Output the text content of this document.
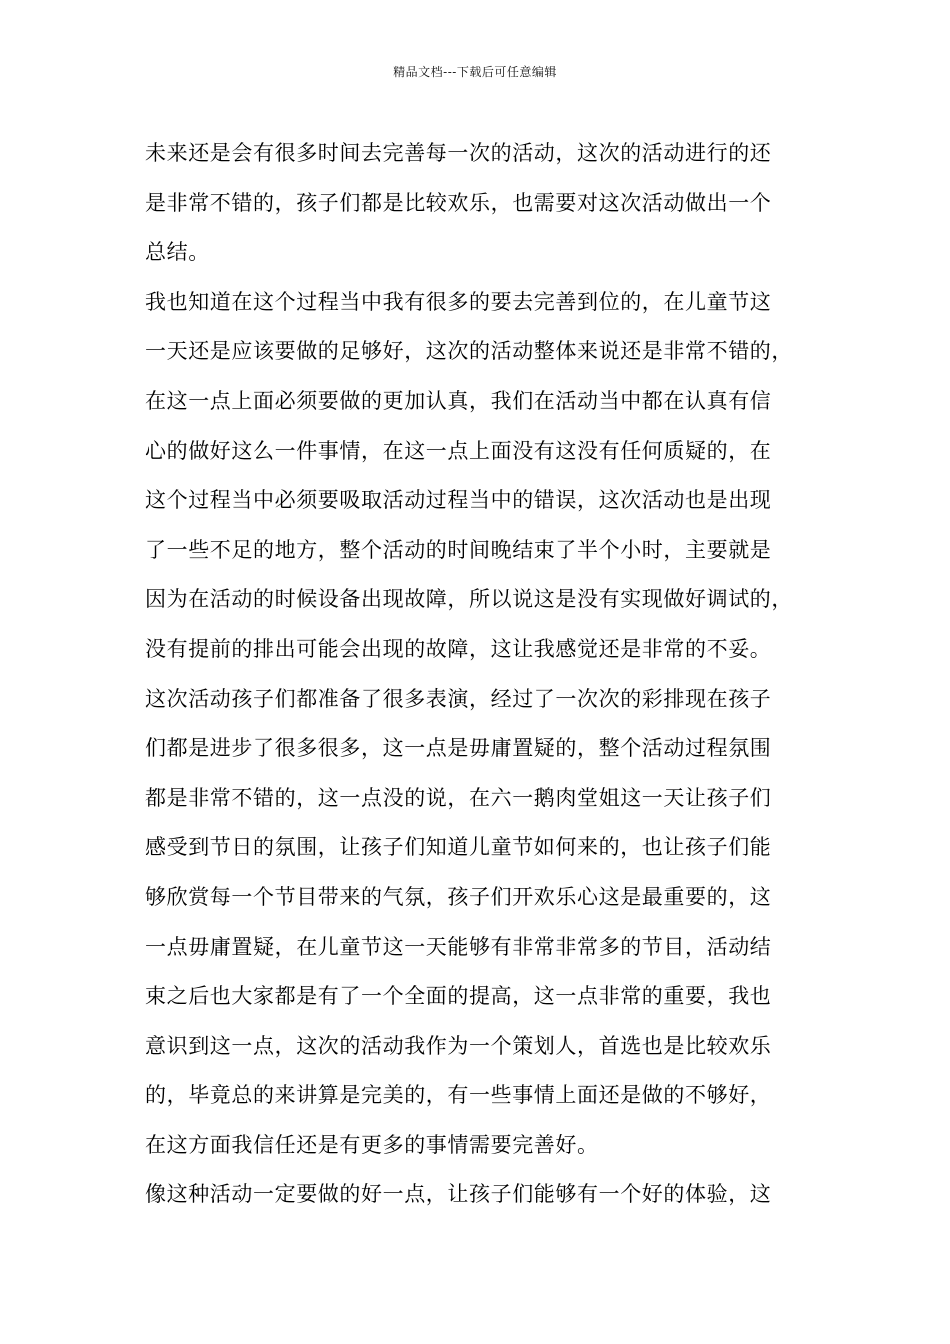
精品文档---下载后可任意编辑
未来还是会有很多时间去完善每一次的活动，这次的活动进行的还
是非常不错的，孩子们都是比较欢乐，也需要对这次活动做出一个
总结。
我也知道在这个过程当中我有很多的要去完善到位的，在儿童节这
一天还是应该要做的足够好，这次的活动整体来说还是非常不错的，
在这一点上面必须要做的更加认真，我们在活动当中都在认真有信
心的做好这么一件事情，在这一点上面没有这没有任何质疑的，在
这个过程当中必须要吸取活动过程当中的错误，这次活动也是出现
了一些不足的地方，整个活动的时间晚结束了半个小时，主要就是
因为在活动的时候设备出现故障，所以说这是没有实现做好调试的，
没有提前的排出可能会出现的故障，这让我感觉还是非常的不妥。
这次活动孩子们都准备了很多表演，经过了一次次的彩排现在孩子
们都是进步了很多很多，这一点是毋庸置疑的，整个活动过程氛围
都是非常不错的，这一点没的说，在六一鹅肉堂姐这一天让孩子们
感受到节日的氛围，让孩子们知道儿童节如何来的，也让孩子们能
够欣赏每一个节目带来的气氛，孩子们开欢乐心这是最重要的，这
一点毋庸置疑，在儿童节这一天能够有非常非常多的节目，活动结
束之后也大家都是有了一个全面的提高，这一点非常的重要，我也
意识到这一点，这次的活动我作为一个策划人，首选也是比较欢乐
的，毕竟总的来讲算是完美的，有一些事情上面还是做的不够好，
在这方面我信任还是有更多的事情需要完善好。
像这种活动一定要做的好一点，让孩子们能够有一个好的体验，这
